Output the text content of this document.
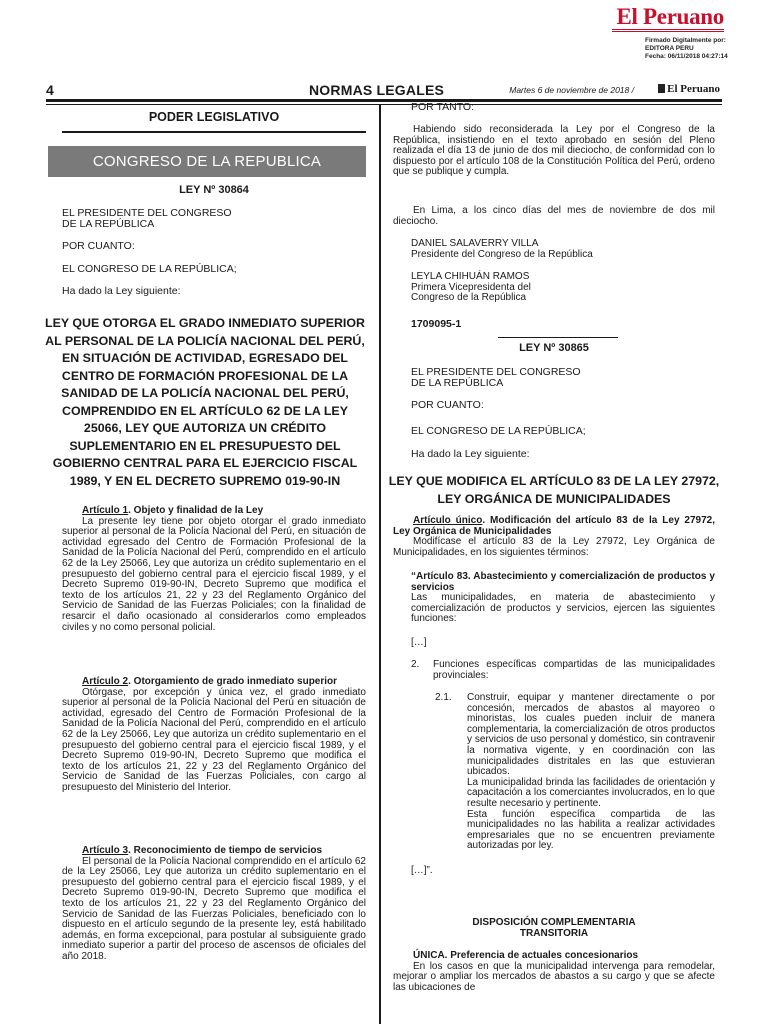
El Peruano
Firmado Digitalmente por:
EDITORA PERU
Fecha: 06/11/2018 04:27:14
4	NORMAS LEGALES	Martes 6 de noviembre de 2018 /	El Peruano
PODER LEGISLATIVO
CONGRESO DE LA REPUBLICA
LEY Nº 30864
EL PRESIDENTE DEL CONGRESO
DE LA REPÚBLICA
POR CUANTO:
EL CONGRESO DE LA REPÚBLICA;
Ha dado la Ley siguiente:
LEY QUE OTORGA EL GRADO INMEDIATO SUPERIOR AL PERSONAL DE LA POLICÍA NACIONAL DEL PERÚ, EN SITUACIÓN DE ACTIVIDAD, EGRESADO DEL CENTRO DE FORMACIÓN PROFESIONAL DE LA SANIDAD DE LA POLICÍA NACIONAL DEL PERÚ, COMPRENDIDO EN EL ARTÍCULO 62 DE LA LEY 25066, LEY QUE AUTORIZA UN CRÉDITO SUPLEMENTARIO EN EL PRESUPUESTO DEL GOBIERNO CENTRAL PARA EL EJERCICIO FISCAL 1989, Y EN EL DECRETO SUPREMO 019-90-IN
Artículo 1. Objeto y finalidad de la Ley
La presente ley tiene por objeto otorgar el grado inmediato superior al personal de la Policía Nacional del Perú, en situación de actividad egresado del Centro de Formación Profesional de la Sanidad de la Policía Nacional del Perú, comprendido en el artículo 62 de la Ley 25066, Ley que autoriza un crédito suplementario en el presupuesto del gobierno central para el ejercicio fiscal 1989, y el Decreto Supremo 019-90-IN, Decreto Supremo que modifica el texto de los artículos 21, 22 y 23 del Reglamento Orgánico del Servicio de Sanidad de las Fuerzas Policiales; con la finalidad de resarcir el daño ocasionado al considerarlos como empleados civiles y no como personal policial.
Artículo 2. Otorgamiento de grado inmediato superior
Otórgase, por excepción y única vez, el grado inmediato superior al personal de la Policía Nacional del Perú en situación de actividad, egresado del Centro de Formación Profesional de la Sanidad de la Policía Nacional del Perú, comprendido en el artículo 62 de la Ley 25066, Ley que autoriza un crédito suplementario en el presupuesto del gobierno central para el ejercicio fiscal 1989, y el Decreto Supremo 019-90-IN, Decreto Supremo que modifica el texto de los artículos 21, 22 y 23 del Reglamento Orgánico del Servicio de Sanidad de las Fuerzas Policiales, con cargo al presupuesto del Ministerio del Interior.
Artículo 3. Reconocimiento de tiempo de servicios
El personal de la Policía Nacional comprendido en el artículo 62 de la Ley 25066, Ley que autoriza un crédito suplementario en el presupuesto del gobierno central para el ejercicio fiscal 1989, y el Decreto Supremo 019-90-IN, Decreto Supremo que modifica el texto de los artículos 21, 22 y 23 del Reglamento Orgánico del Servicio de Sanidad de las Fuerzas Policiales, beneficiado con lo dispuesto en el artículo segundo de la presente ley, está habilitado además, en forma excepcional, para postular al subsiguiente grado inmediato superior a partir del proceso de ascensos de oficiales del año 2018.
POR TANTO:
Habiendo sido reconsiderada la Ley por el Congreso de la República, insistiendo en el texto aprobado en sesión del Pleno realizada el día 13 de junio de dos mil dieciocho, de conformidad con lo dispuesto por el artículo 108 de la Constitución Política del Perú, ordeno que se publique y cumpla.
En Lima, a los cinco días del mes de noviembre de dos mil dieciocho.
DANIEL SALAVERRY VILLA
Presidente del Congreso de la República
LEYLA CHIHUÁN RAMOS
Primera Vicepresidenta del
Congreso de la República
1709095-1
LEY Nº 30865
EL PRESIDENTE DEL CONGRESO
DE LA REPÚBLICA
POR CUANTO:
EL CONGRESO DE LA REPÚBLICA;
Ha dado la Ley siguiente:
LEY QUE MODIFICA EL ARTÍCULO 83 DE LA LEY 27972, LEY ORGÁNICA DE MUNICIPALIDADES
Artículo único. Modificación del artículo 83 de la Ley 27972, Ley Orgánica de Municipalidades
Modifícase el artículo 83 de la Ley 27972, Ley Orgánica de Municipalidades, en los siguientes términos:
“Artículo 83. Abastecimiento y comercialización de productos y servicios
Las municipalidades, en materia de abastecimiento y comercialización de productos y servicios, ejercen las siguientes funciones:
[…]
2. Funciones específicas compartidas de las municipalidades provinciales:
2.1. Construir, equipar y mantener directamente o por concesión, mercados de abastos al mayoreo o minoristas, los cuales pueden incluir de manera complementaria, la comercialización de otros productos y servicios de uso personal y doméstico, sin contravenir la normativa vigente, y en coordinación con las municipalidades distritales en las que estuvieran ubicados.
La municipalidad brinda las facilidades de orientación y capacitación a los comerciantes involucrados, en lo que resulte necesario y pertinente.
Esta función específica compartida de las municipalidades no las habilita a realizar actividades empresariales que no se encuentren previamente autorizadas por ley.
[…]”.
DISPOSICIÓN COMPLEMENTARIA
TRANSITORIA
ÚNICA. Preferencia de actuales concesionarios
En los casos en que la municipalidad intervenga para remodelar, mejorar o ampliar los mercados de abastos a su cargo y que se afecte las ubicaciones de
